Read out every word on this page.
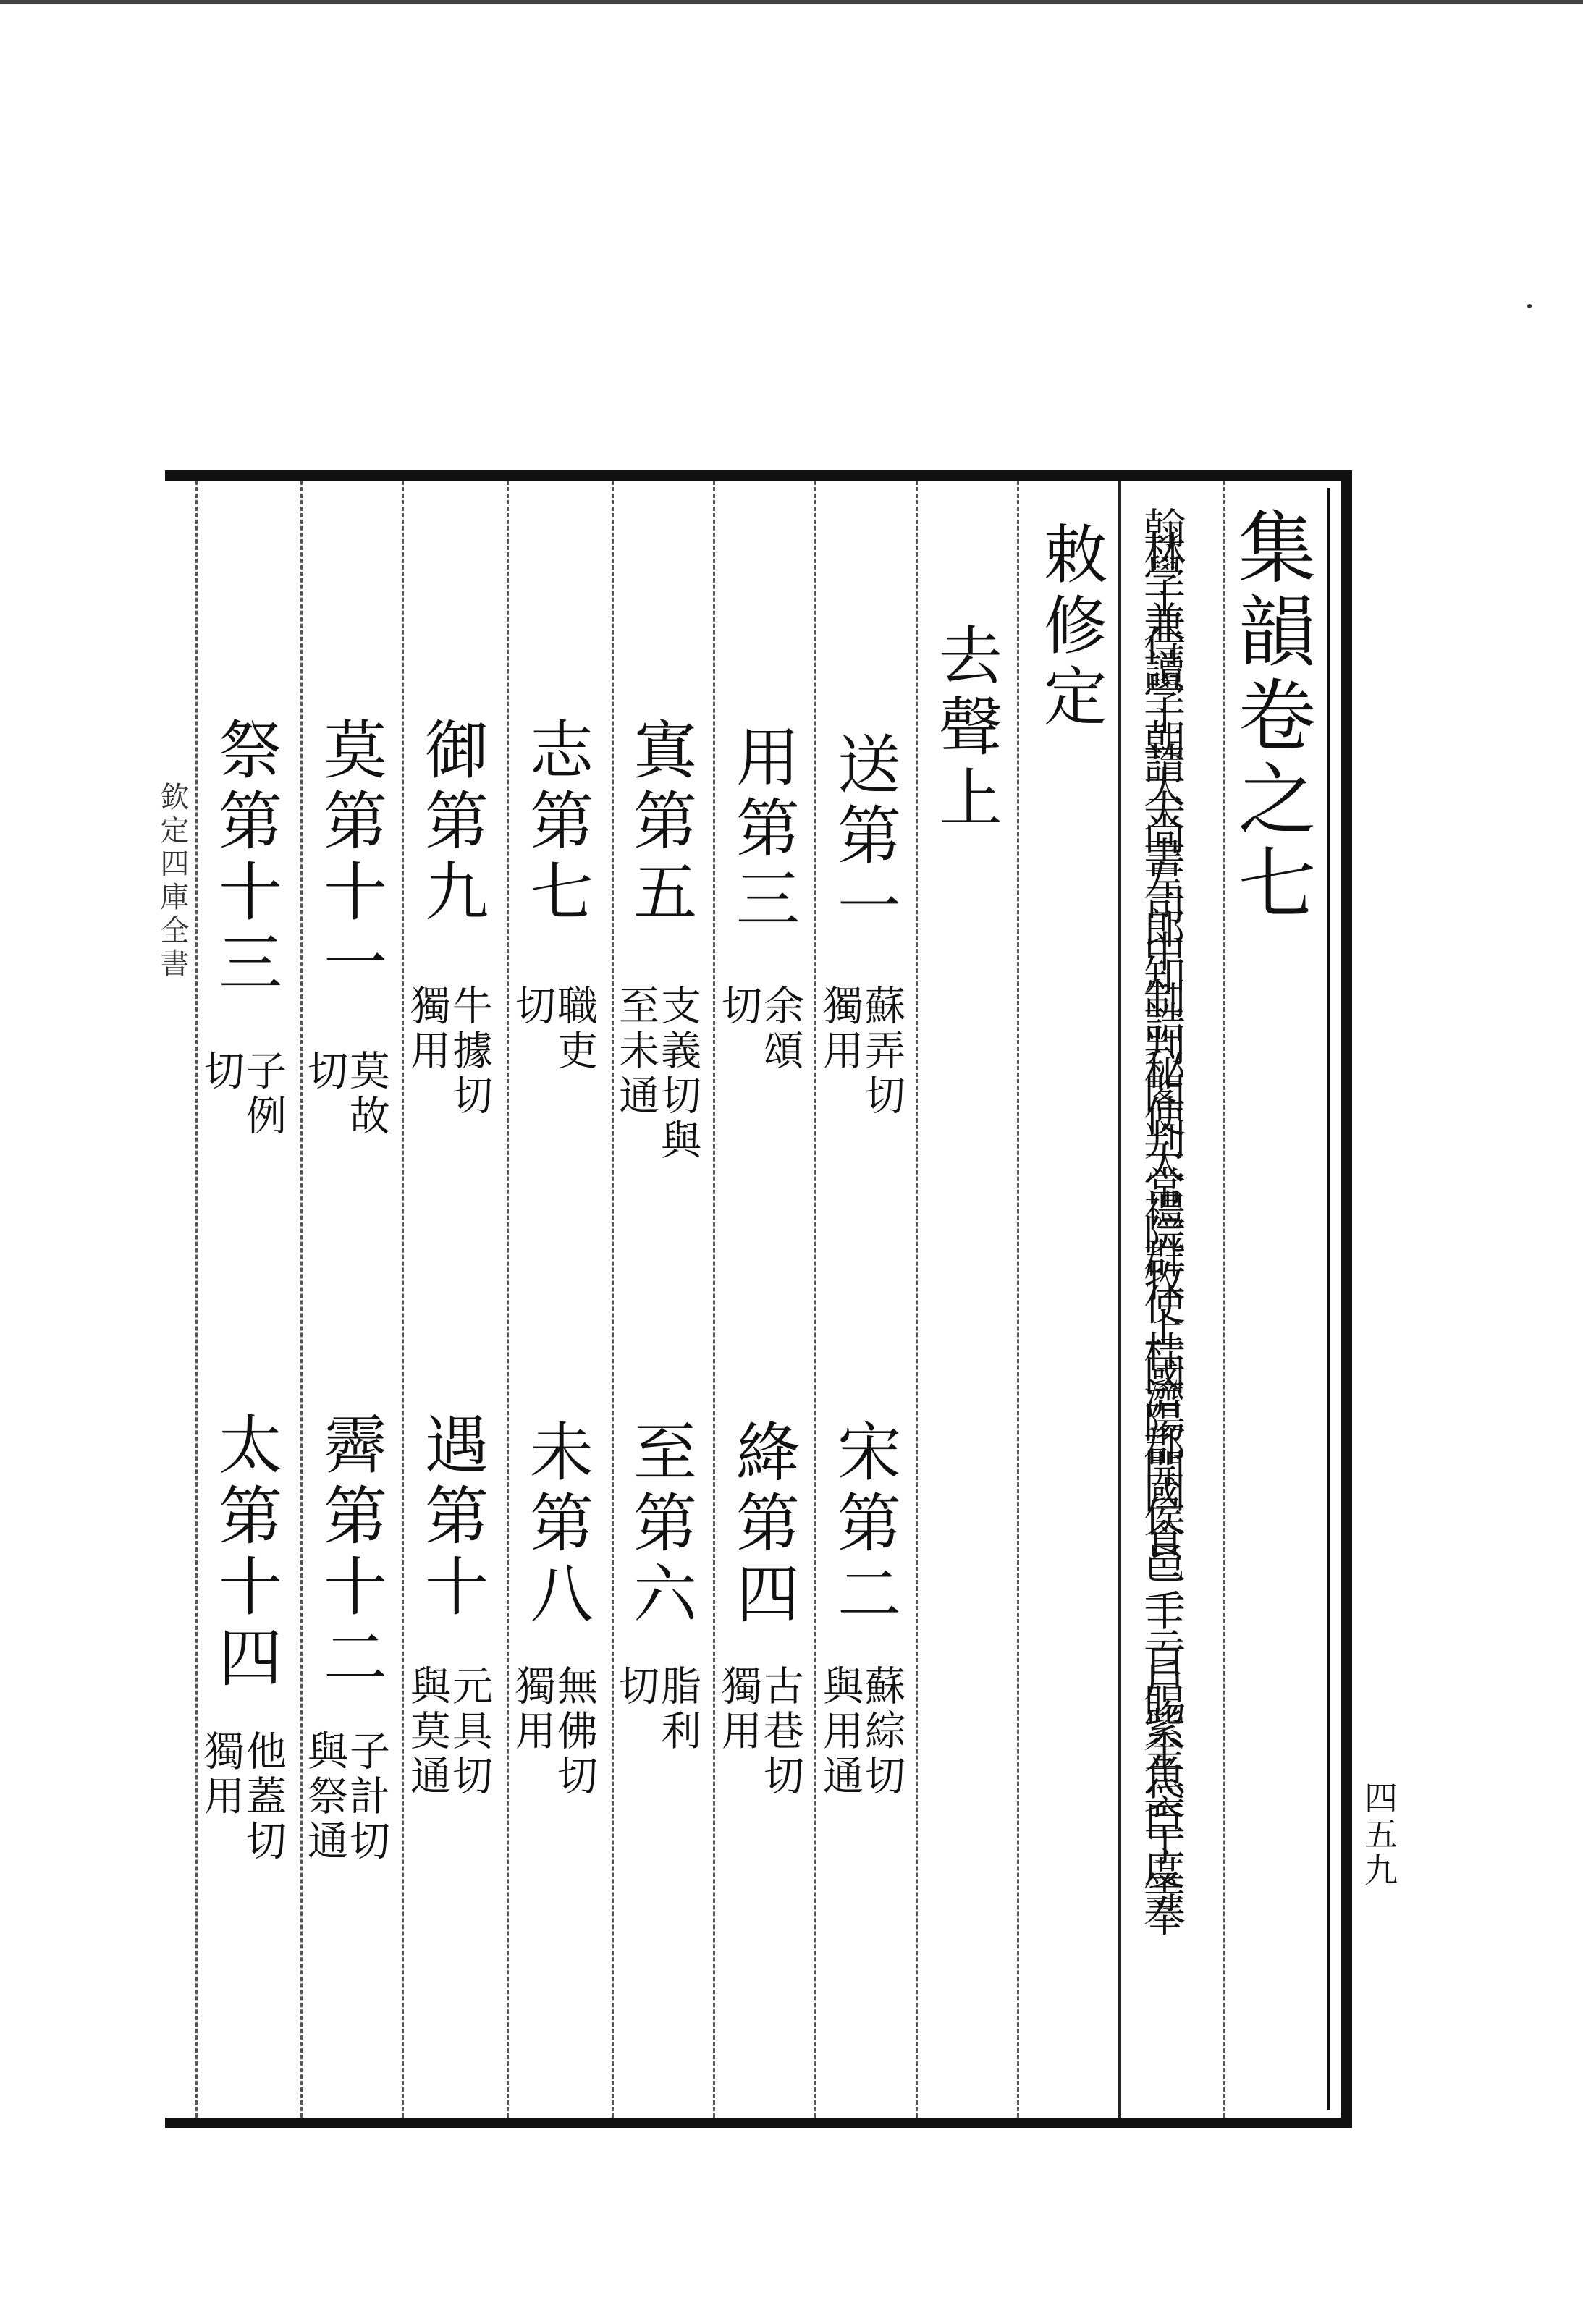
集韻卷之七
翰林學士兼侍讀學士朝請大夫尚書左司郎中知制誥判秘閣使判太常禮院群牧使上桂國濟陽郡開國侯食邑二千三百戶賜紫金魚袋臣丁度等奉
敕修定
去聲上
送第一
蘇弄切
獨用
宋第二
蘇綜切
與用通
用第三
余頌
切
絳第四
古巷切
獨用
寘第五
支義切與
至未通
至第六
脂利
切
志第七
職吏
切
未第八
無佛切
獨用
御第九
牛據切
獨用
遇第十
元具切
與莫通
莫第十一
莫故
切
霽第十二
子計切
與祭通
祭第十三
子例
切
太第十四
他蓋切
獨用
欽定四庫全書
四五九
